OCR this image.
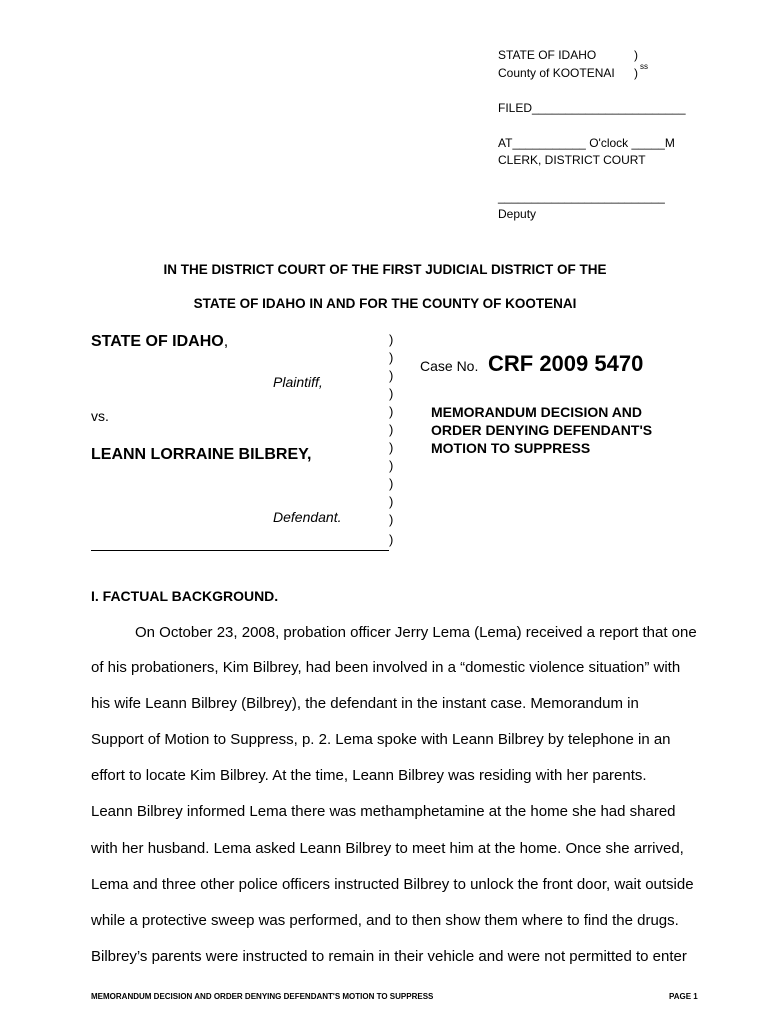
STATE OF IDAHO	)
County of KOOTENAI ) ss
FILED_______________________
AT___________ O'clock _____M
CLERK, DISTRICT COURT
_________________________
Deputy
IN THE DISTRICT COURT OF THE FIRST JUDICIAL DISTRICT OF THE
STATE OF IDAHO IN AND FOR THE COUNTY OF KOOTENAI
STATE OF IDAHO,
Plaintiff,
vs.
LEANN LORRAINE BILBREY,
Defendant.
)
)
)
)
)
)
)
)
)
)
)
)
Case No. CRF 2009 5470
MEMORANDUM DECISION AND
ORDER DENYING DEFENDANT'S
MOTION TO SUPPRESS
I. FACTUAL BACKGROUND.
On October 23, 2008, probation officer Jerry Lema (Lema) received a report that one
of his probationers, Kim Bilbrey, had been involved in a “domestic violence situation” with
his wife Leann Bilbrey (Bilbrey), the defendant in the instant case. Memorandum in
Support of Motion to Suppress, p. 2. Lema spoke with Leann Bilbrey by telephone in an
effort to locate Kim Bilbrey. At the time, Leann Bilbrey was residing with her parents.
Leann Bilbrey informed Lema there was methamphetamine at the home she had shared
with her husband. Lema asked Leann Bilbrey to meet him at the home. Once she arrived,
Lema and three other police officers instructed Bilbrey to unlock the front door, wait outside
while a protective sweep was performed, and to then show them where to find the drugs.
Bilbrey’s parents were instructed to remain in their vehicle and were not permitted to enter
MEMORANDUM DECISION AND ORDER DENYING DEFENDANT'S MOTION TO SUPPRESS	PAGE 1
